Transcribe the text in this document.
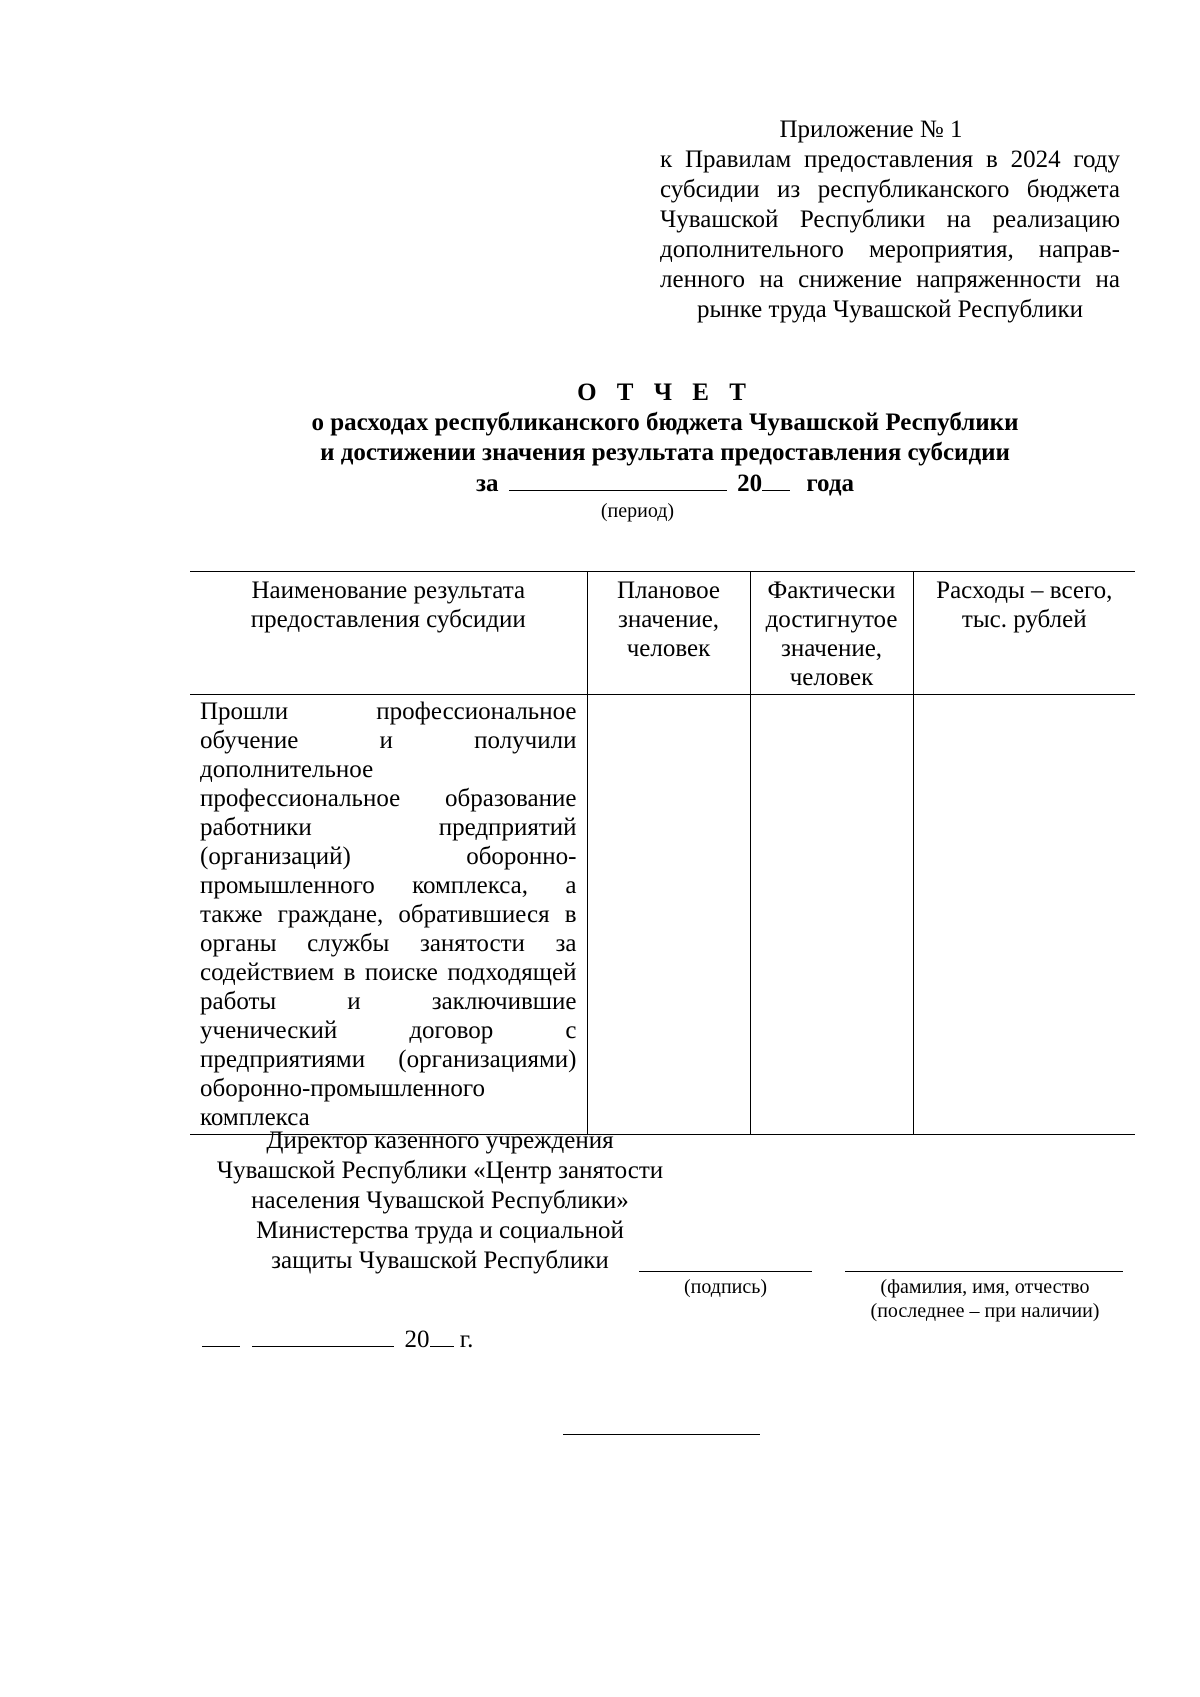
Приложение № 1
к Правилам предоставления в 2024 году
субсидии из республиканского бюджета
Чувашской Республики на реализацию
дополнительного мероприятия, направ-
ленного на снижение напряженности на
рынке труда Чувашской Республики
О Т Ч Е Т
о расходах республиканского бюджета Чувашской Республики
и достижении значения результата предоставления субсидии
за	20 года
(период)
Наименование результата предоставления субсидии	Плановое значение, человек	Фактически достигнутое значение, человек	Расходы – всего, тыс. рублей
Прошли профессиональное обучение и получили дополнительное профессиональное образование работники предприятий (организаций) оборонно-промышленного комплекса, а также граждане, обратившиеся в органы службы занятости за содействием в поиске подходящей работы и заключившие ученический договор с предприятиями (организациями) оборонно-промышленного комплекса			
Директор казенного учреждения
Чувашской Республики «Центр занятости
населения Чувашской Республики»
Министерства труда и социальной
защиты Чувашской Республики
(подпись)	(фамилия, имя, отчество
(последнее – при наличии)
20 г.
